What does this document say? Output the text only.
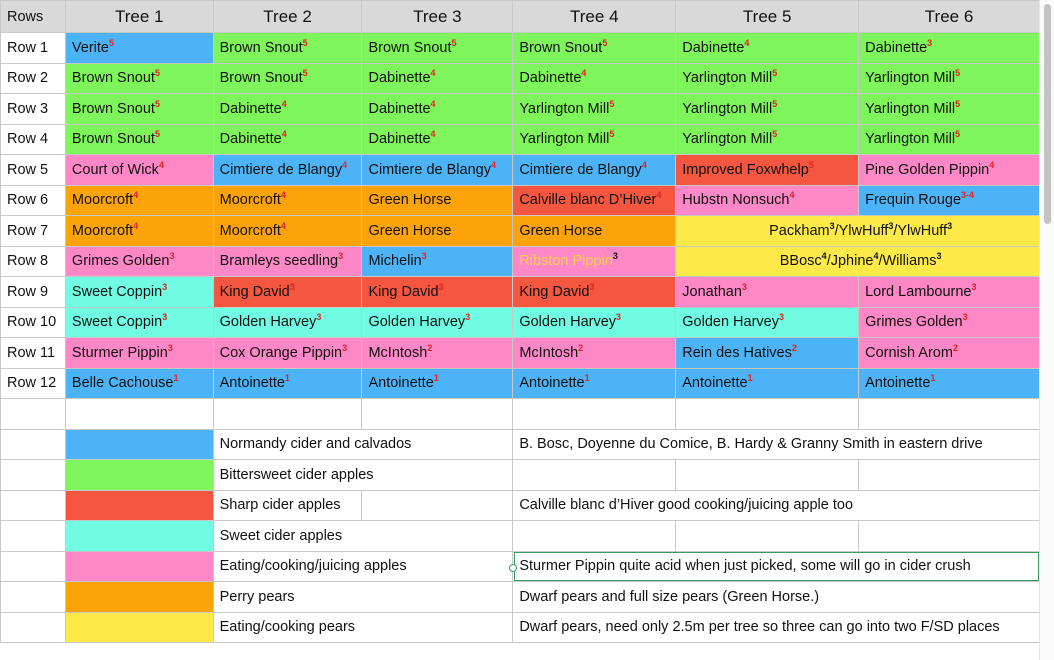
Rows	Tree 1	Tree 2	Tree 3	Tree 4	Tree 5	Tree 6
Row 1	Verite$^5$	Brown Snout$^5$	Brown Snout$^5$	Brown Snout$^5$	Dabinette$^4$	Dabinette$^3$
Row 2	Brown Snout$^5$	Brown Snout$^5$	Dabinette$^4$	Dabinette$^4$	Yarlington Mill$^5$	Yarlington Mill$^5$
Row 3	Brown Snout$^5$	Dabinette$^4$	Dabinette$^4$	Yarlington Mill$^5$	Yarlington Mill$^5$	Yarlington Mill$^5$
Row 4	Brown Snout$^5$	Dabinette$^4$	Dabinette$^4$	Yarlington Mill$^5$	Yarlington Mill$^5$	Yarlington Mill$^5$
Row 5	Court of Wick$^4$	Cimtiere de Blangy$^4$	Cimtiere de Blangy$^4$	Cimtiere de Blangy$^4$	Improved Foxwhelp$^5$	Pine Golden Pippin$^4$
Row 6	Moorcroft$^4$	Moorcroft$^4$	Green Horse	Calville blanc D’Hiver$^4$	Hubstn Nonsuch$^4$	Frequin Rouge$^{3-4}$
Row 7	Moorcroft$^4$	Moorcroft$^4$	Green Horse	Green Horse	Packham$^3$/YlwHuff$^3$/YlwHuff$^3$
Row 8	Grimes Golden$^3$	Bramleys seedling$^3$	Michelin$^3$	Ribston Pippin$^3$	BBosc$^4$/Jphine$^4$/Williams$^3$
Row 9	Sweet Coppin$^3$	King David$^3$	King David$^3$	King David$^3$	Jonathan$^3$	Lord Lambourne$^3$
Row 10	Sweet Coppin$^3$	Golden Harvey$^3$	Golden Harvey$^3$	Golden Harvey$^3$	Golden Harvey$^3$	Grimes Golden$^3$
Row 11	Sturmer Pippin$^3$	Cox Orange Pippin$^3$	McIntosh$^2$	McIntosh$^2$	Rein des Hatives$^2$	Cornish Arom$^2$
Row 12	Belle Cachouse$^1$	Antoinette$^1$	Antoinette$^1$	Antoinette$^1$	Antoinette$^1$	Antoinette$^1$

		Normandy cider and calvados		B. Bosc, Doyenne du Comice, B. Hardy & Granny Smith in eastern drive		
		Bittersweet cider apples				
		Sharp cider apples		Calville blanc d’Hiver good cooking/juicing apple too		
		Sweet cider apples				
		Eating/cooking/juicing apples		Sturmer Pippin quite acid when just picked, some will go in cider crush		
		Perry pears		Dwarf pears and full size pears (Green Horse.)		
		Eating/cooking pears		Dwarf pears, need only 2.5m per tree so three can go into two F/SD places		
